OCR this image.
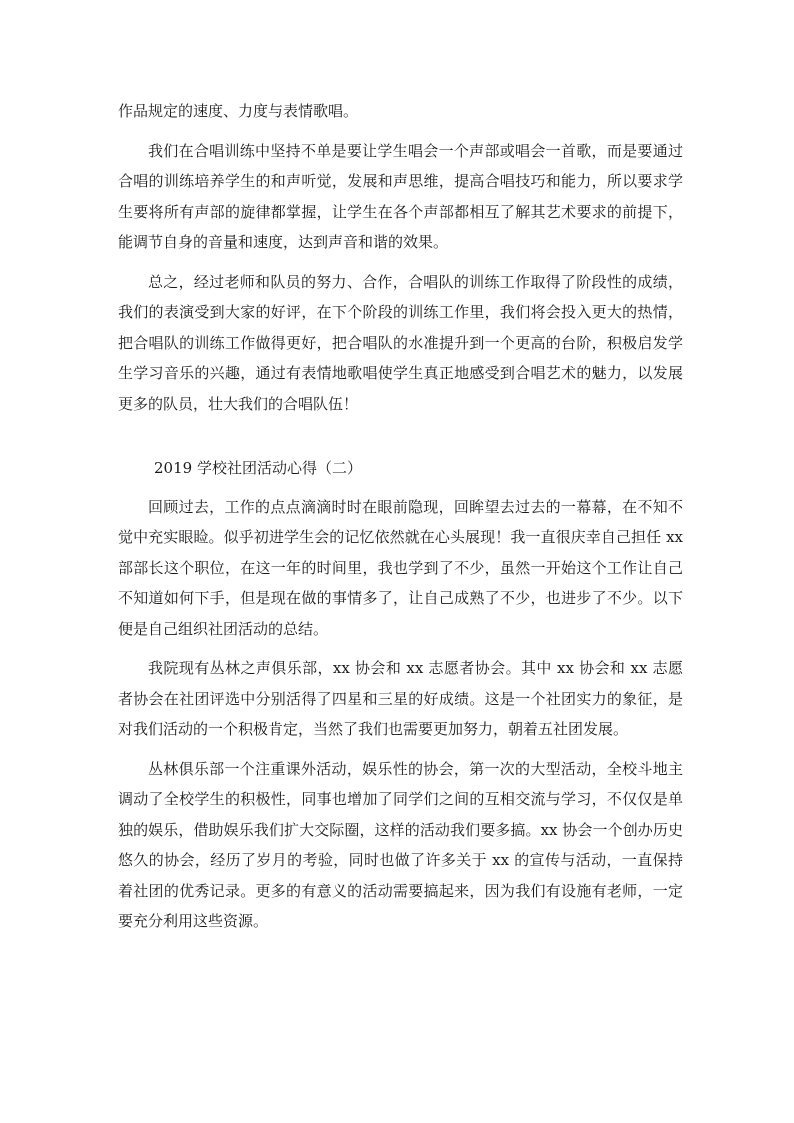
作品规定的速度、力度与表情歌唱。

我们在合唱训练中坚持不单是要让学生唱会一个声部或唱会一首歌，而是要通过合唱的训练培养学生的和声听觉，发展和声思维，提高合唱技巧和能力，所以要求学生要将所有声部的旋律都掌握，让学生在各个声部都相互了解其艺术要求的前提下，能调节自身的音量和速度，达到声音和谐的效果。

总之，经过老师和队员的努力、合作，合唱队的训练工作取得了阶段性的成绩，我们的表演受到大家的好评，在下个阶段的训练工作里，我们将会投入更大的热情，把合唱队的训练工作做得更好，把合唱队的水准提升到一个更高的台阶，积极启发学生学习音乐的兴趣，通过有表情地歌唱使学生真正地感受到合唱艺术的魅力，以发展更多的队员，壮大我们的合唱队伍！

2019 学校社团活动心得（二）

回顾过去，工作的点点滴滴时时在眼前隐现，回眸望去过去的一幕幕，在不知不觉中充实眼睑。似乎初进学生会的记忆依然就在心头展现！我一直很庆幸自己担任 xx 部部长这个职位，在这一年的时间里，我也学到了不少，虽然一开始这个工作让自己不知道如何下手，但是现在做的事情多了，让自己成熟了不少，也进步了不少。以下便是自己组织社团活动的总结。

我院现有丛林之声俱乐部，xx 协会和 xx 志愿者协会。其中 xx 协会和 xx 志愿者协会在社团评选中分别活得了四星和三星的好成绩。这是一个社团实力的象征，是对我们活动的一个积极肯定，当然了我们也需要更加努力，朝着五社团发展。

丛林俱乐部一个注重课外活动，娱乐性的协会，第一次的大型活动，全校斗地主调动了全校学生的积极性，同事也增加了同学们之间的互相交流与学习，不仅仅是单独的娱乐，借助娱乐我们扩大交际圈，这样的活动我们要多搞。xx 协会一个创办历史悠久的协会，经历了岁月的考验，同时也做了许多关于 xx 的宣传与活动，一直保持着社团的优秀记录。更多的有意义的活动需要搞起来，因为我们有设施有老师，一定要充分利用这些资源。
